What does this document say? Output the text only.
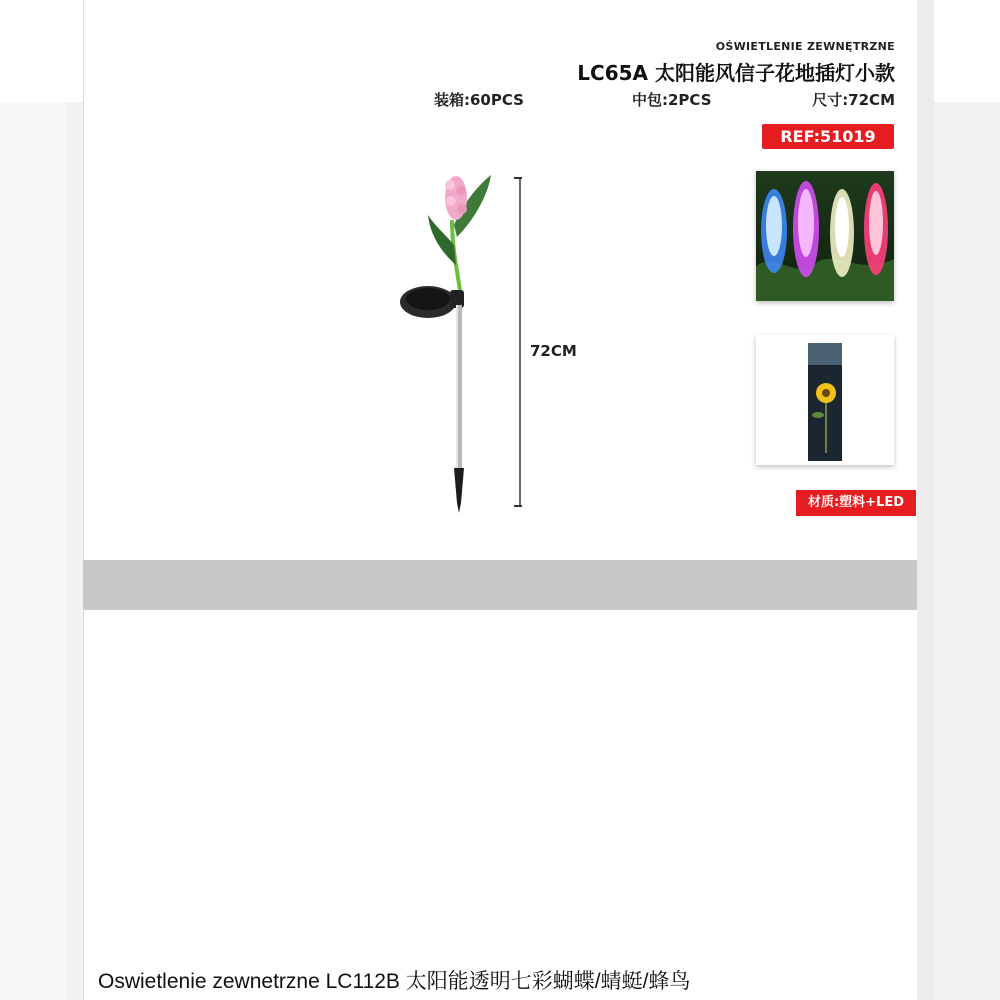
OŚWIETLENIE ZEWNĘTRZNE
LC65A 太阳能风信子花地插灯小款
装箱:60PCS	中包:2PCS	尺寸:72CM
REF:51019
72CM
材质:塑料+LED
Oswietlenie zewnetrzne LC112B 太阳能透明七彩蝴蝶/蜻蜓/蜂鸟
